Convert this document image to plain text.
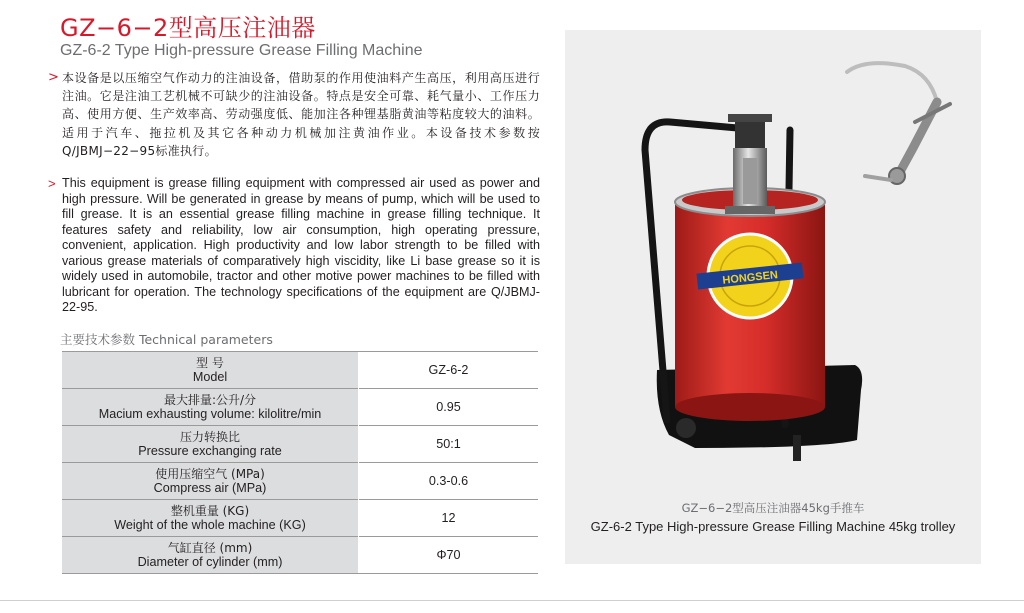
GZ−6−2型高压注油器
GZ-6-2 Type High-pressure Grease Filling Machine
> 本设备是以压缩空气作动力的注油设备，借助泵的作用使油料产生高压，利用高压进行注油。它是注油工艺机械不可缺少的注油设备。特点是安全可靠、耗气量小、工作压力高、使用方便、生产效率高、劳动强度低、能加注各种锂基脂黄油等粘度较大的油料。适用于汽车、拖拉机及其它各种动力机械加注黄油作业。本设备技术参数按Q/JBMJ−22−95标准执行。
> This equipment is grease filling equipment with compressed air used as power and high pressure. Will be generated in grease by means of pump, which will be used to fill grease. It is an essential grease filling machine in grease filling technique. It features safety and reliability, low air consumption, high operating pressure, convenient, application. High productivity and low labor strength to be filled with various grease materials of comparatively high viscidity, like Li base grease so it is widely used in automobile, tractor and other motive power machines to be filled with lubricant for operation. The technology specifications of the equipment are Q/JBMJ-22-95.
主要技术参数 Technical parameters
型 号
Model	GZ-6-2

最大排量:公升/分
Macium exhausting volume: kilolitre/min	0.95

压力转换比
Pressure exchanging rate	50:1

使用压缩空气 (MPa)
Compress air (MPa)	0.3-0.6

整机重量 (KG)
Weight of the whole machine (KG)	12

气缸直径 (mm)
Diameter of cylinder (mm)	Φ70
HONGSEN
GZ−6−2型高压注油器45kg手推车
GZ-6-2 Type High-pressure Grease Filling Machine 45kg trolley
